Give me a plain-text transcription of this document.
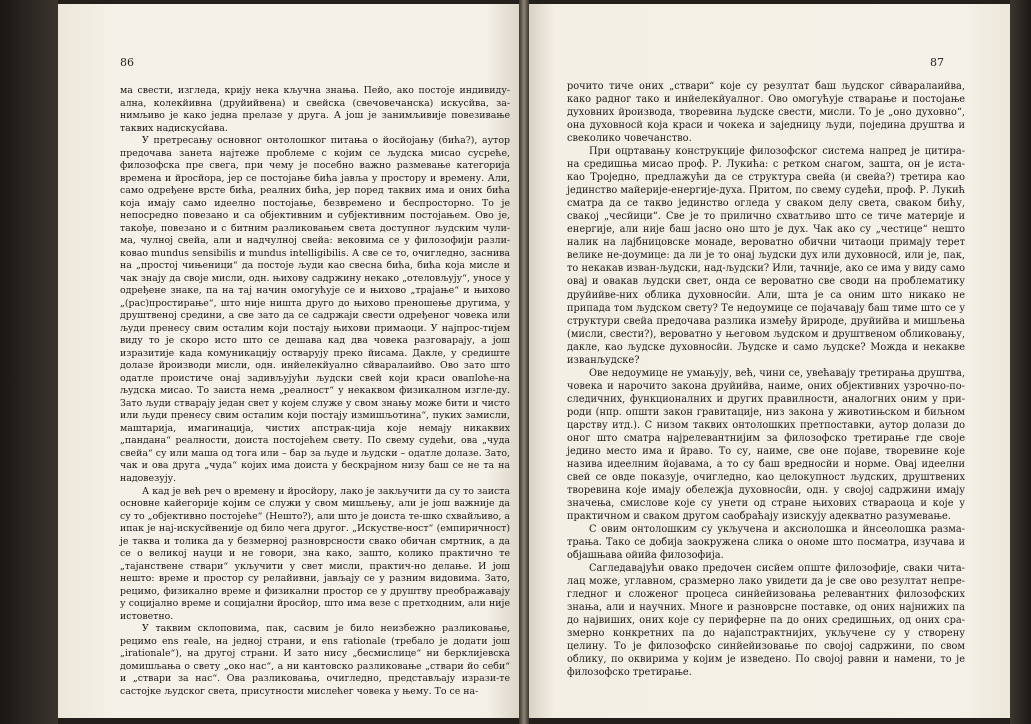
86	87

ма свести, изгледа, крију нека кључна знања. Пейо, ако постоје индивиду-ална, колекйивна (друйийвена) и свейска (свечовечанска) искусйва, за-нимљиво је како једна прелазе у друга. А још је занимљивије повезивање таквих надискусйава.

У претресању основног онтолошког питања о йосйојању (бића?), аутор предочава занета најтеже проблеме с којим се људска мисао сусреће, филозофска пре свега, при чему је посебно важно размевање категорија времена и йросйора, јер се постојање бића јавља у простору и времену. Али, само одређене врсте бића, реалних бића, јер поред таквих има и оних бића која имају само идеелно постојање, безвремено и беспросторно. То је непосредно повезано и са објективним и субјективним постојањем. Ово је, такође, повезано и с битним разликовањем света доступног људским чули-ма, чулној свейа, али и надчулној свейа: вековима се у филозофији разли-ковао mundus sensibilis и mundus intelligibilis. А све се то, очигледно, заснива на „простој чињеници“ да постоје људи као свесна бића, бића која мисле и чак знају да своје мисли, одн. њихову садржину некако „отеловљују“, уносе у одређене знаке, па на тај начин омогућује се и њихово „трајање“ и њихово „(рас)простирање“, што није ништа друго до њихово преношење другима, у друштвеној средини, а све зато да се садржаји свести одређеног човека или људи пренесу свим осталим који постају њихови примаоци. У најпрос-тијем виду то је скоро исто што се дешава кад два човека разговарају, а још изразитије када комуникацију остварују преко йисама. Дакле, у средиште долазе йроизводи мисли, одн. инйелекйуално сйваралаийво. Ово зато што одатле проистиче онај задивљујући људски свей који краси овапloће-на људска мисао. То заиста нема „реалност“ у некаквом физикалном изгле-ду. Зато људи стварају један свет у којем служе у свом знању може бити и чисто или људи пренесу свим осталим који постају измишљотина“, пуких замисли, маштарија, имагинација, чистих апстрак-ција које немају никаквих „пандана“ реалности, доиста постојећем свету. По свему судећи, ова „чуда свейа“ су или маша од тога или – бар за људе и људски – одатле долазе. Зато, чак и ова друга „чуда“ којих има доиста у бескрајном низу баш се не та на надовезују.

А кад је већ реч о времену и йросйору, лако је закључити да су то заиста основне кайегорије којим се служи у свом мишљењу, али је још важније да су то „објективно постојеће“ (Нешто?), али што је доиста те-шко схвайљиво, а ипак је нај-искусйвеније од било чега другог. „Искустве-ност“ (емпиричност) је таква и толика да у безмерној разноврсности свако обичан смртник, а да се о великој науци и не говори, зна како, зашто, колико практично те „тајанствене ствари“ укључити у свет мисли, практич-но делање. И још нешто: време и простор су релайивни, јављају се у разним видовима. Зато, рецимо, физикално време и физикални простор се у друштву преображавају у социјално време и социјални йросйор, што има везе с претходним, али није истоветно.

У таквим склоповима, пак, сасвим је било неизбежно разликовање, рецимо ens reale, на једној страни, и ens rationale (требало је додати још „irationale“), на другој страни. И зато нису „бесмислице“ ни берклијевска домишљања о свету „око нас“, а ни кантовско разликовање „ствари йо себи“ и „ствари за нас“. Ова разликовања, очигледно, представљају изрази-те састојке људског света, присутности мислећег човека у њему. То се на-

рочито тиче оних „ствари“ које су резултат баш људског сйваралаийва, како радног тако и инйелекйуалног. Ово омогућује стварање и постојање духовних йроизвода, творевина људске свести, мисли. То је „оно духовно“, она духовносй која краси и чокека и заједницу људи, поједина друштва и свеколико човечанство.

При оцртавању конструкције филозофског система напред је цитира-на средишња мисао проф. Р. Лукића: с ретком снагом, зашта, он је иста-као Троједно, предлажући да се структура свейа (и свейа?) третира као јединство майерије-енергије-духа. Притом, по свему судећи, проф. Р. Лукић сматра да се такво јединство огледа у сваком делу света, сваком бићу, свакој „чесйици“. Све је то прилично схватљиво што се тиче материје и енергије, али није баш јасно оно што је дух. Чак ако су „честице“ нешто налик на лајбницовске монаде, вероватно обични читаоци примају терет велике не-доумице: да ли је то онај људски дух или духовносй, или је, пак, то некакав изван-људски, над-људски? Или, тачније, ако се има у виду само овај и овакав људски свет, онда се вероватно све своди на проблематику друйийве-них облика духовносйи. Али, шта је са оним што никако не припада том људском свету? Те недоумице се појачавају баш тиме што се у структури свейа предочава разлика између йрироде, друйийва и мишљења (мисли, свести?), вероватно у његовом људском и друштвеном обликовању, дакле, као људске духовносйи. Људске и само људске? Можда и некакве изванљудске?

Ове недоумице не умањују, већ, чини се, увећавају третирања друштва, човека и нарочито закона друйийва, наиме, оних објективних узрочно-по-следичних, функционалних и других правилности, аналогних оним у при-роди (нпр. општи закон гравитације, низ закона у животињском и биљном царству итд.). С низом таквих онтолошких претпоставки, аутор долази до оног што сматра најрелевантнијим за филозофско третирање где своје једино место има и йраво. То су, наиме, све оне појаве, творевине које назива идеелним йојавама, а то су баш вредносйи и норме. Овај идеелни свей се овде показује, очигледно, као целокупност људских, друштвених творевина које имају обележја духовносйи, одн. у својој садржини имају значења, смислове које су унети од стране њихових ствараоца и које у практичном и сваком другом саобраћају изискују адекватно разумевање.

С овим онтолошким су укључена и аксиолошка и йнсеолошка разма-трања. Тако се добија заокружена слика о ономе што посматра, изучава и објашњава ойийа филозофија.

Сагледавајући овако предочен сисйем опште филозофије, сваки чита-лац може, углавном, сразмерно лако увидети да је све ово резултат непре-гледног и сложеног процеса синйейизовања релевантних филозофских знања, али и научних. Многе и разноврсне поставке, од оних најнижих па до највиших, оних које су периферне па до оних средишњих, од оних сра-змерно конкретних па до најапстрактнијих, укључене су у створену целину. То је филозофско синйейизовање по својој садржини, по свом облику, по оквирима у којим је изведено. По својој равни и намени, то је филозофско третирање.
